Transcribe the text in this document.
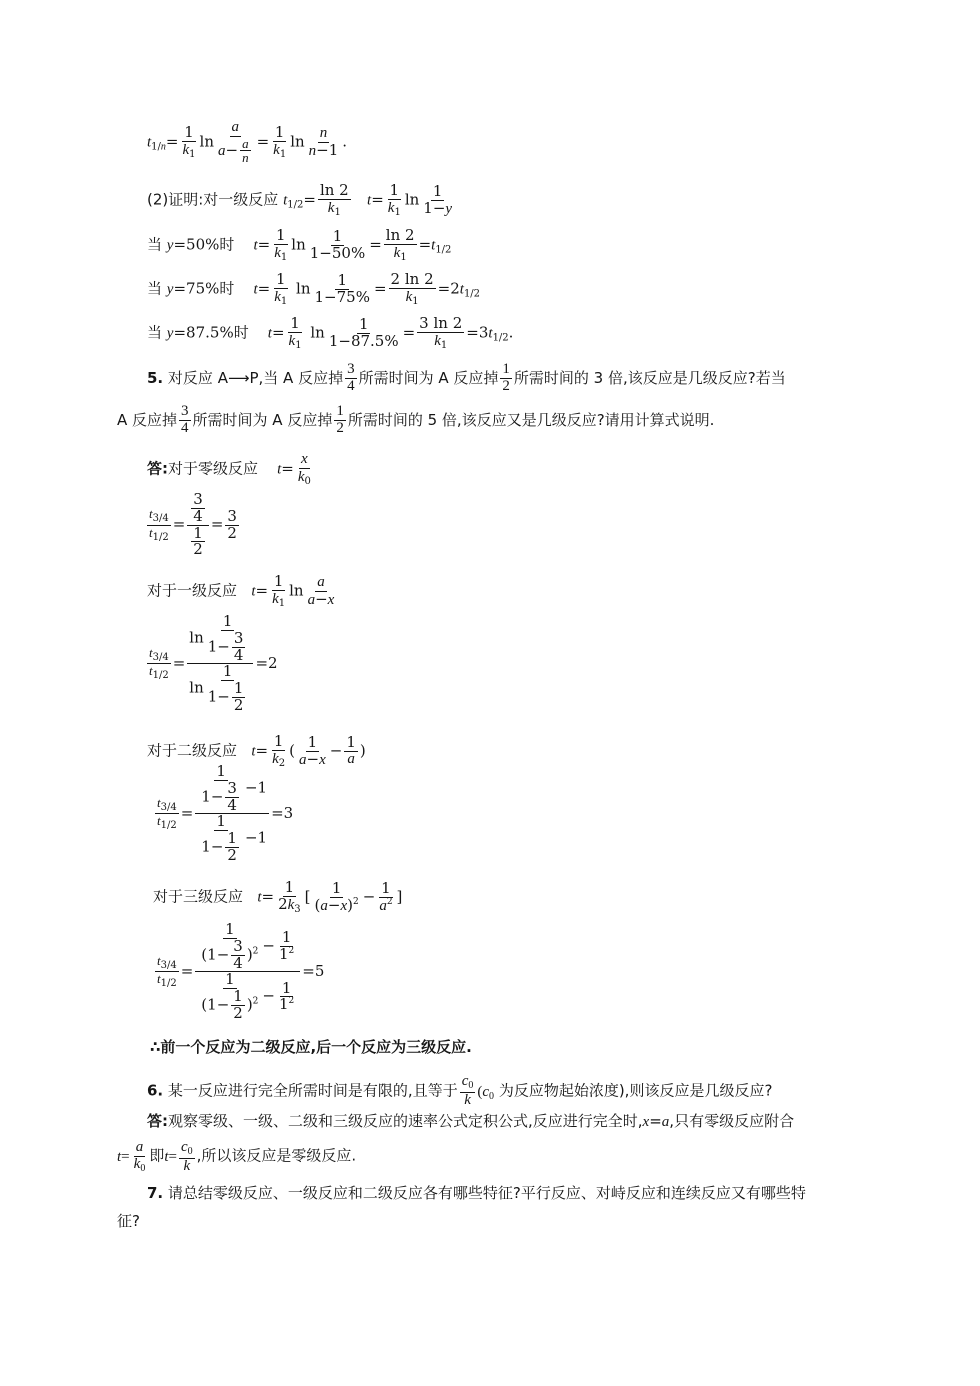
$t_{1/n}= \frac{1}{k_1}$ $\ln \frac{a}{a- \frac{a}{n}} = \frac{1}{k_1}$ $\ln \frac{n}{n-1}$ .
(2)证明:对一级反应 $t_{1/2}= \frac{\ln 2}{k_1} t= \frac{1}{k_1}$ $\ln \frac{1}{1-y}$
当 y=50%时 $t= \frac{1}{k_1}$ $\ln \frac{1}{1-50\%} = \frac{\ln 2}{k_1} =t_{1/2}$
当 y=75%时 $t= \frac{1}{k_1}$ $\ln \frac{1}{1-75\%} = \frac{2 \ln 2}{k_1} =2t_{1/2}$
当 y=87.5%时 $t= \frac{1}{k_1}$ $\ln \frac{1}{1-87.5\%} = \frac{3 \ln 2}{k_1} =3t_{1/2}$.
5. 对反应 A⟶P,当 A 反应掉 $\frac{3}{4}$ 所需时间为 A 反应掉 $\frac{1}{2}$ 所需时间的 3 倍,该反应是几级反应?若当
A 反应掉 $\frac{3}{4}$ 所需时间为 A 反应掉 $\frac{1}{2}$ 所需时间的 5 倍,该反应又是几级反应?请用计算式说明.
答:对于零级反应 $t= \frac{x}{k_0}$
$\frac{t_{3/4}}{t_{1/2}} = \frac{\frac{3}{4}}{\frac{1}{2}} = \frac{3}{2}$
对于一级反应 $t= \frac{1}{k_1}$ $\ln \frac{a}{a-x}$
$\frac{t_{3/4}}{t_{1/2}} = \frac{\ln \frac{1}{1- \frac{3}{4}}}{\ln \frac{1}{1- \frac{1}{2}}} =2$
对于二级反应 $t= \frac{1}{k_2}$ ( $\frac{1}{a-x} - \frac{1}{a}$ )
$\frac{t_{3/4}}{t_{1/2}} = \frac{\frac{1}{1- \frac{3}{4}} -1}{\frac{1}{1- \frac{1}{2}} -1} =3$
对于三级反应 $t= \frac{1}{2k_3}$ [ $\frac{1}{(a-x)^2} - \frac{1}{a^2}$ ]
$\frac{t_{3/4}}{t_{1/2}} = \frac{\frac{1}{(1- \frac{3}{4} )^2} - \frac{1}{1^2}}{\frac{1}{(1- \frac{1}{2} )^2} - \frac{1}{1^2}} =5$
∴前一个反应为二级反应,后一个反应为三级反应.
6. 某一反应进行完全所需时间是有限的,且等于 $\frac{c_0}{k} (c_0$ 为反应物起始浓度),则该反应是几级反应?
答:观察零级、一级、二级和三级反应的速率公式定积公式,反应进行完全时,x=a,只有零级反应附合
$t= \frac{a}{k_0}$ 即$t= \frac{c_0}{k}$ ,所以该反应是零级反应.
7. 请总结零级反应、一级反应和二级反应各有哪些特征?平行反应、对峙反应和连续反应又有哪些特
征?
